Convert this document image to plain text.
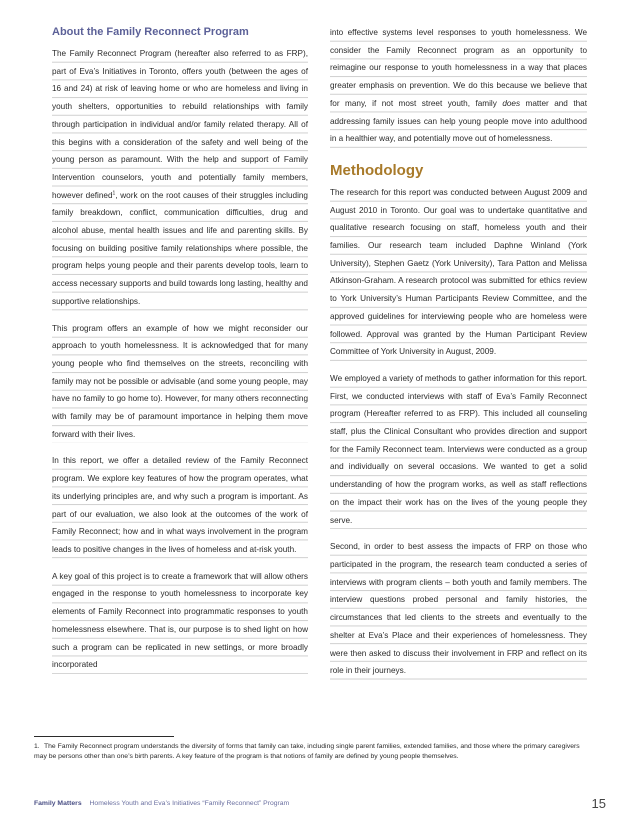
About the Family Reconnect Program

The Family Reconnect Program (hereafter also referred to as FRP), part of Eva’s Initiatives in Toronto, offers youth (between the ages of 16 and 24) at risk of leaving home or who are homeless and living in youth shelters, opportunities to rebuild relationships with family through participation in individual and/or family related therapy. All of this begins with a consideration of the safety and well being of the young person as paramount. With the help and support of Family Intervention counselors, youth and potentially family members, however defined$^1$, work on the root causes of their struggles including family breakdown, conflict, communication difficulties, drug and alcohol abuse, mental health issues and life and parenting skills. By focusing on building positive family relationships where possible, the program helps young people and their parents develop tools, learn to access necessary supports and build towards long lasting, healthy and supportive relationships.

This program offers an example of how we might reconsider our approach to youth homelessness. It is acknowledged that for many young people who find themselves on the streets, reconciling with family may not be possible or advisable (and some young people, may have no family to go home to). However, for many others reconnecting with family may be of paramount importance in helping them move forward with their lives.

In this report, we offer a detailed review of the Family Reconnect program. We explore key features of how the program operates, what its underlying principles are, and why such a program is important. As part of our evaluation, we also look at the outcomes of the work of Family Reconnect; how and in what ways involvement in the program leads to positive changes in the lives of homeless and at-risk youth.

A key goal of this project is to create a framework that will allow others engaged in the response to youth homelessness to incorporate key elements of Family Reconnect into programmatic responses to youth homelessness elsewhere. That is, our purpose is to shed light on how such a program can be replicated in new settings, or more broadly incorporated

into effective systems level responses to youth homelessness. We consider the Family Reconnect program as an opportunity to reimagine our response to youth homelessness in a way that places greater emphasis on prevention. We do this because we believe that for many, if not most street youth, family does matter and that addressing family issues can help young people move into adulthood in a healthier way, and potentially move out of homelessness.

Methodology

The research for this report was conducted between August 2009 and August 2010 in Toronto. Our goal was to undertake quantitative and qualitative research focusing on staff, homeless youth and their families. Our research team included Daphne Winland (York University), Stephen Gaetz (York University), Tara Patton and Melissa Atkinson-Graham. A research protocol was submitted for ethics review to York University’s Human Participants Review Committee, and the approved guidelines for interviewing people who are homeless were followed. Approval was granted by the Human Participant Review Committee of York University in August, 2009.

We employed a variety of methods to gather information for this report. First, we conducted interviews with staff of Eva’s Family Reconnect program (Hereafter referred to as FRP). This included all counseling staff, plus the Clinical Consultant who provides direction and support for the Family Reconnect team. Interviews were conducted as a group and individually on several occasions. We wanted to get a solid understanding of how the program works, as well as staff reflections on the impact their work has on the lives of the young people they serve.

Second, in order to best assess the impacts of FRP on those who participated in the program, the research team conducted a series of interviews with program clients – both youth and family members. The interview questions probed personal and family histories, the circumstances that led clients to the streets and eventually to the shelter at Eva’s Place and their experiences of homelessness. They were then asked to discuss their involvement in FRP and reflect on its role in their journeys.

1. The Family Reconnect program understands the diversity of forms that family can take, including single parent families, extended families, and those where the primary caregivers may be persons other than one’s birth parents. A key feature of the program is that notions of family are defined by young people themselves.
Family Matters Homeless Youth and Eva’s Initiatives “Family Reconnect” Program	15
